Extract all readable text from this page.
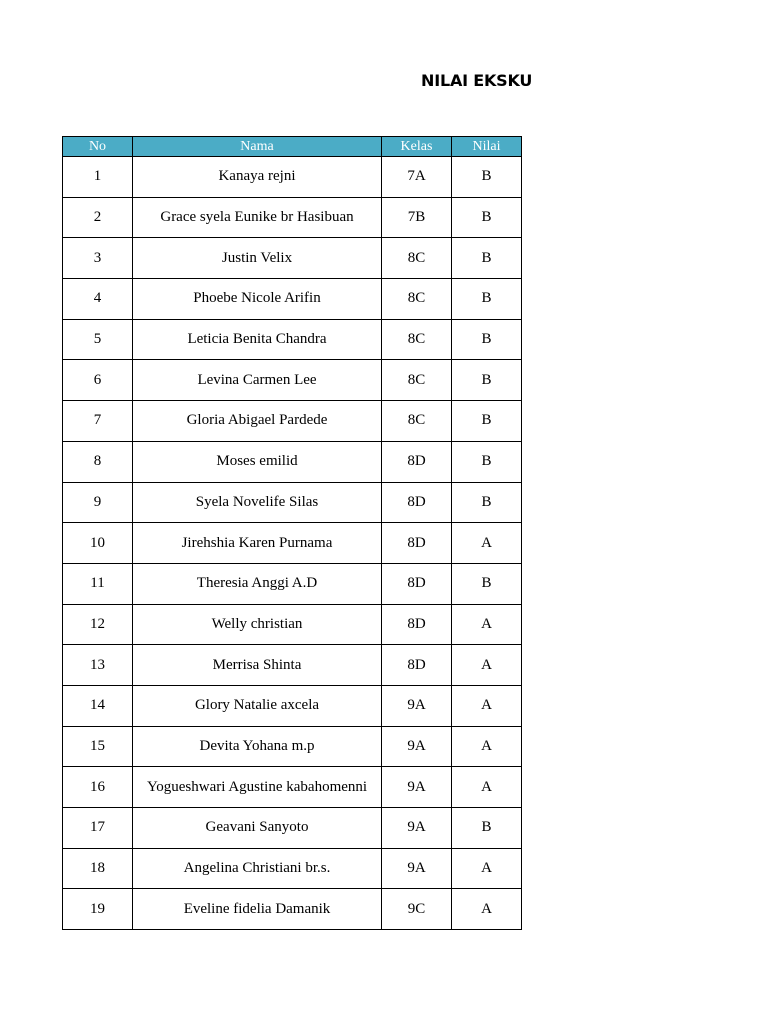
NILAI EKSKU
No	Nama	Kelas	Nilai
1	Kanaya rejni	7A	B
2	Grace syela Eunike br Hasibuan	7B	B
3	Justin Velix	8C	B
4	Phoebe Nicole Arifin	8C	B
5	Leticia Benita Chandra	8C	B
6	Levina Carmen Lee	8C	B
7	Gloria Abigael Pardede	8C	B
8	Moses emilid	8D	B
9	Syela Novelife Silas	8D	B
10	Jirehshia Karen Purnama	8D	A
11	Theresia Anggi A.D	8D	B
12	Welly christian	8D	A
13	Merrisa Shinta	8D	A
14	Glory Natalie axcela	9A	A
15	Devita Yohana m.p	9A	A
16	Yogueshwari Agustine kabahomenni	9A	A
17	Geavani Sanyoto	9A	B
18	Angelina Christiani br.s.	9A	A
19	Eveline fidelia Damanik	9C	A
